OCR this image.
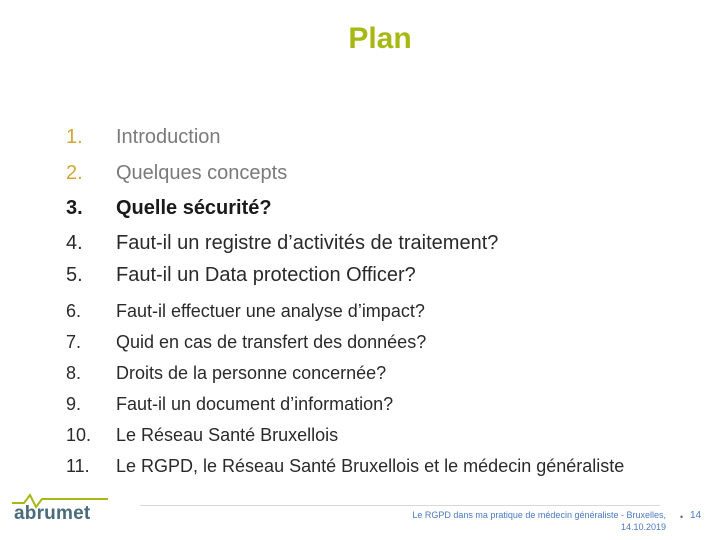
Plan
1. Introduction
2. Quelques concepts
3. Quelle sécurité?
4. Faut-il un registre d’activités de traitement?
5. Faut-il un Data protection Officer?
6. Faut-il effectuer une analyse d’impact?
7. Quid en cas de transfert des données?
8. Droits de la personne concernée?
9. Faut-il un document d’information?
10. Le Réseau Santé Bruxellois
11. Le RGPD, le Réseau Santé Bruxellois et le médecin généraliste
abrumet	Le RGPD dans ma pratique de médecin généraliste - Bruxelles,
14.10.2019
• 14
